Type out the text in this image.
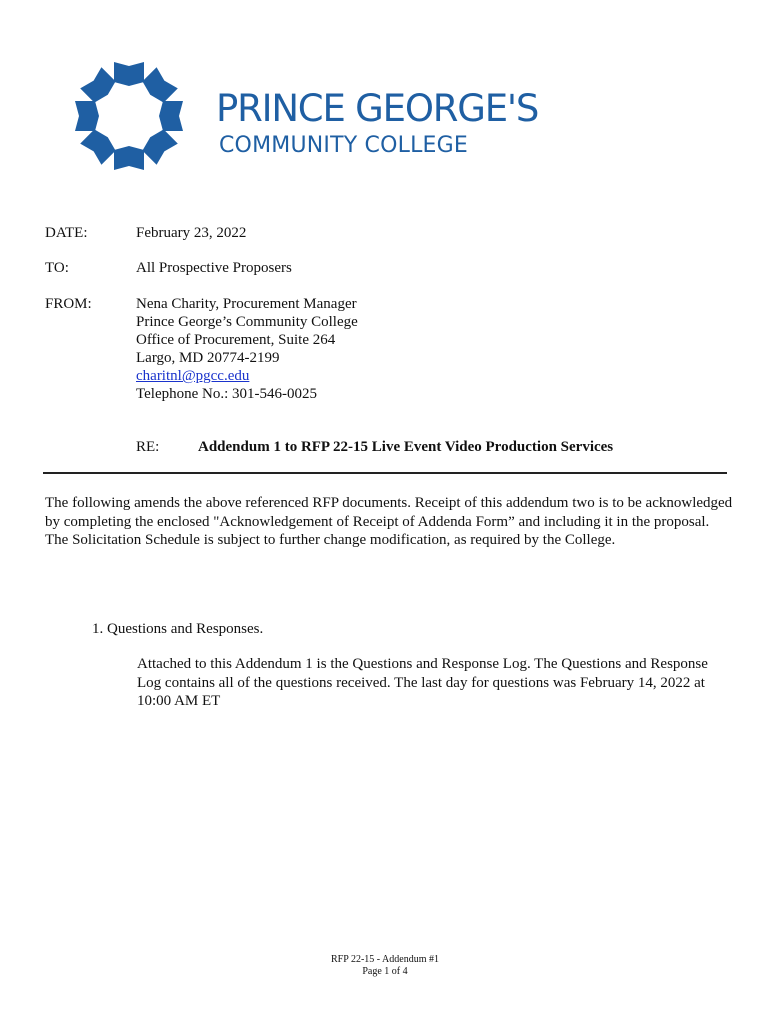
PRINCE GEORGE'S
COMMUNITY COLLEGE
DATE:	February 23, 2022
TO:	All Prospective Proposers
FROM:	Nena Charity, Procurement Manager
Prince George’s Community College
Office of Procurement, Suite 264
Largo, MD 20774-2199
charitnl@pgcc.edu
Telephone No.: 301-546-0025
RE:	Addendum 1 to RFP 22-15 Live Event Video Production Services
The following amends the above referenced RFP documents. Receipt of this addendum two is to be acknowledged
by completing the enclosed "Acknowledgement of Receipt of Addenda Form” and including it in the proposal.
The Solicitation Schedule is subject to further change modification, as required by the College.
1. Questions and Responses.
Attached to this Addendum 1 is the Questions and Response Log. The Questions and Response
Log contains all of the questions received. The last day for questions was February 14, 2022 at
10:00 AM ET
RFP 22-15 - Addendum #1
Page 1 of 4
